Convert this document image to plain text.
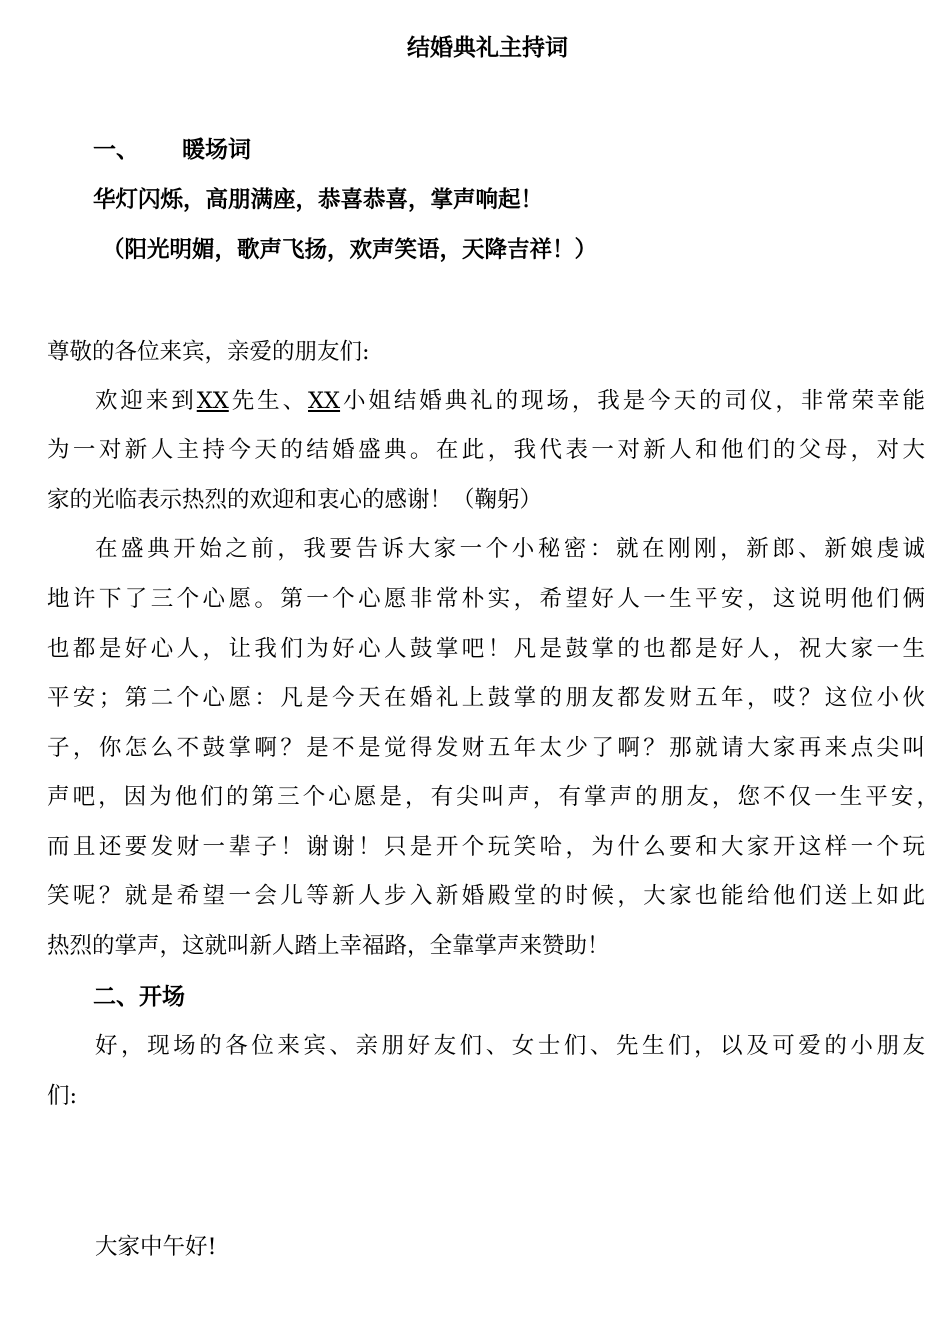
结婚典礼主持词
一、 暖场词
华灯闪烁，高朋满座，恭喜恭喜，掌声响起！
（阳光明媚，歌声飞扬，欢声笑语，天降吉祥！）
尊敬的各位来宾，亲爱的朋友们:
欢迎来到XX先生、XX小姐结婚典礼的现场，我是今天的司仪，非常荣幸能
为一对新人主持今天的结婚盛典。在此，我代表一对新人和他们的父母，对大
家的光临表示热烈的欢迎和衷心的感谢！（鞠躬）
在盛典开始之前，我要告诉大家一个小秘密：就在刚刚，新郎、新娘虔诚
地许下了三个心愿。第一个心愿非常朴实，希望好人一生平安，这说明他们俩
也都是好心人，让我们为好心人鼓掌吧！凡是鼓掌的也都是好人，祝大家一生
平安；第二个心愿：凡是今天在婚礼上鼓掌的朋友都发财五年，哎？这位小伙
子，你怎么不鼓掌啊？是不是觉得发财五年太少了啊？那就请大家再来点尖叫
声吧，因为他们的第三个心愿是，有尖叫声，有掌声的朋友，您不仅一生平安，
而且还要发财一辈子！谢谢！只是开个玩笑哈，为什么要和大家开这样一个玩
笑呢？就是希望一会儿等新人步入新婚殿堂的时候，大家也能给他们送上如此
热烈的掌声，这就叫新人踏上幸福路，全靠掌声来赞助！
二、开场
好，现场的各位来宾、亲朋好友们、女士们、先生们，以及可爱的小朋友
们:
大家中午好!
